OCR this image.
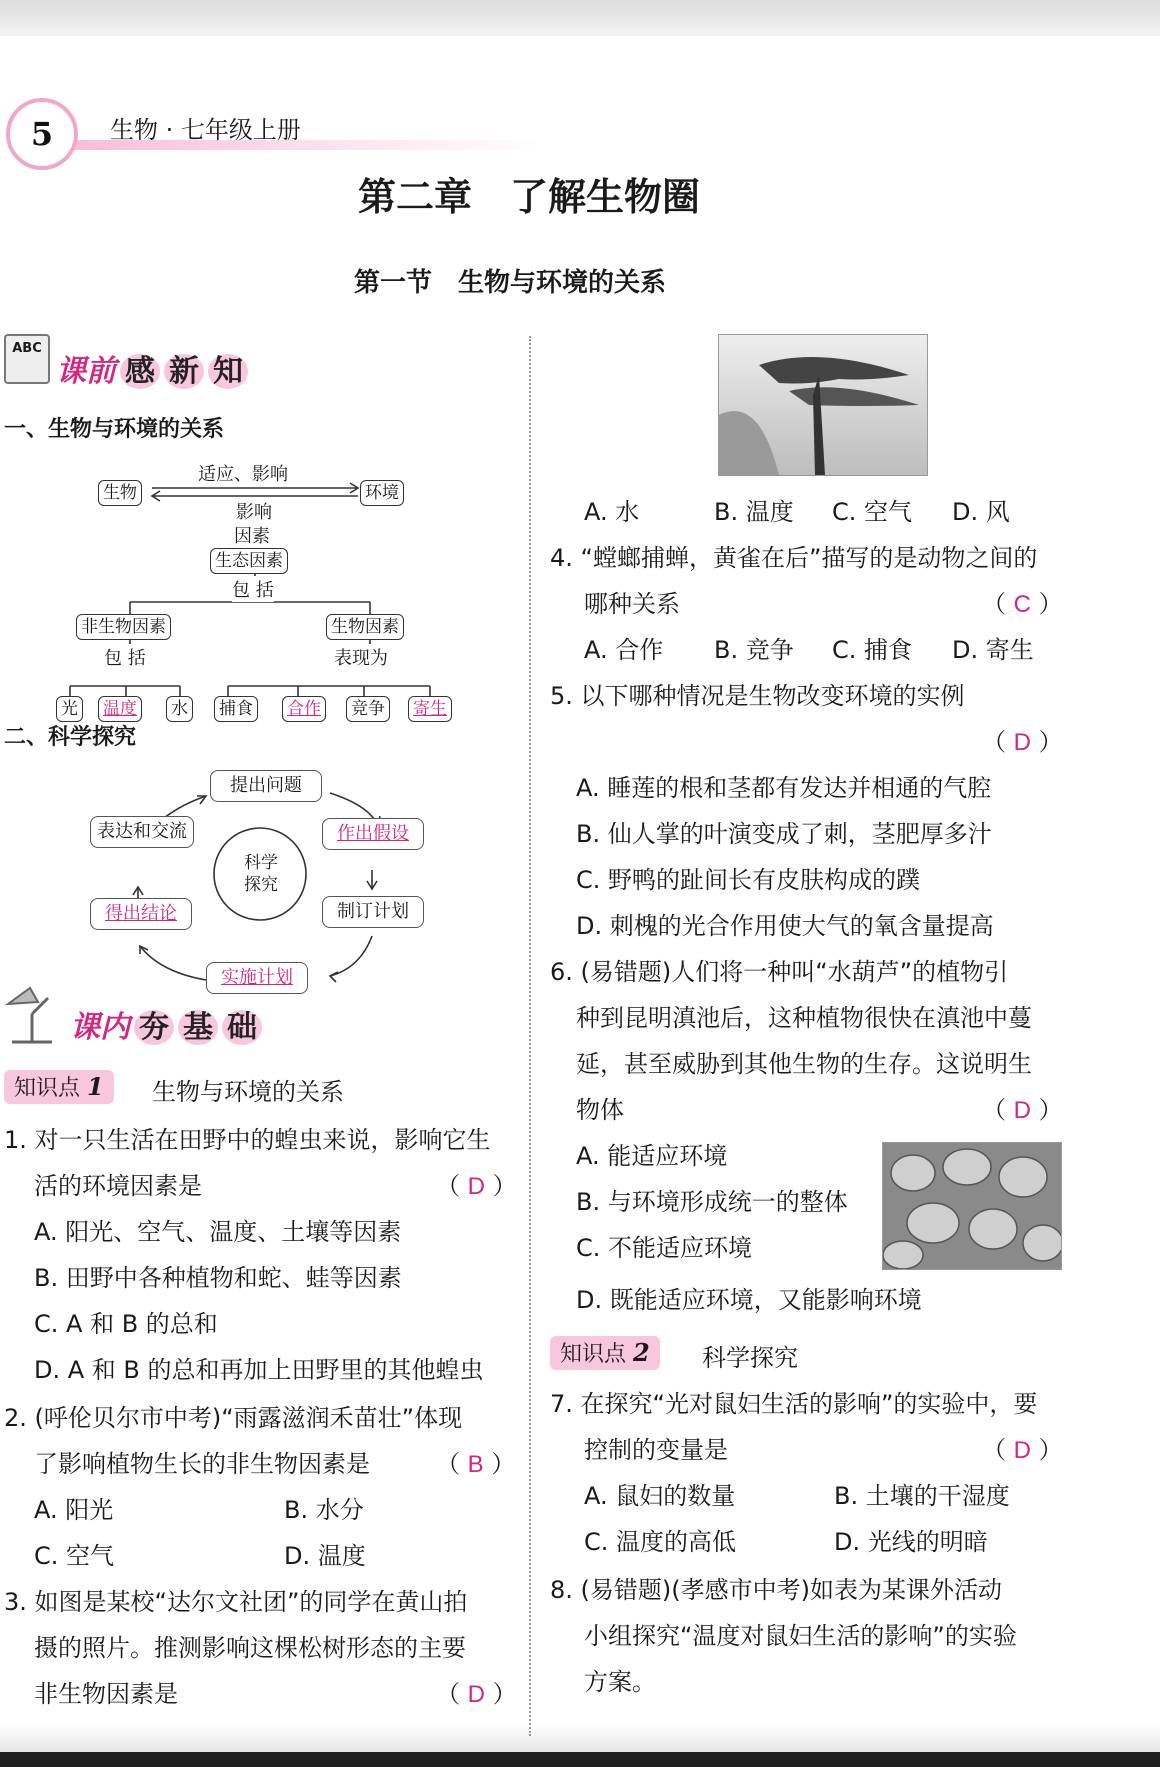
5	生物 · 七年级上册
第二章　了解生物圈
第一节　生物与环境的关系
ABC
课前 感 新 知
一、生物与环境的关系
生物	环境
适应、影响
影响
因素
生态因素
包 括
非生物因素	生物因素
包 括	表现为
光 温度 水 捕食 合作 竞争 寄生
二、科学探究
科学
探究
提出问题
作出假设
制订计划
实施计划
得出结论
表达和交流
课内 夯 基 础
知识点 1	生物与环境的关系
1. 对一只生活在田野中的蝗虫来说，影响它生
活的环境因素是	（ D ）
A. 阳光、空气、温度、土壤等因素
B. 田野中各种植物和蛇、蛙等因素
C. A 和 B 的总和
D. A 和 B 的总和再加上田野里的其他蝗虫
2. (呼伦贝尔市中考)“雨露滋润禾苗壮”体现
了影响植物生长的非生物因素是	（ B ）
A. 阳光	B. 水分
C. 空气	D. 温度
3. 如图是某校“达尔文社团”的同学在黄山拍
摄的照片。推测影响这棵松树形态的主要
非生物因素是	（ D ）
A. 水	B. 温度 C. 空气 D. 风
4. “螳螂捕蝉，黄雀在后”描写的是动物之间的
哪种关系	（ C ）
A. 合作 B. 竞争 C. 捕食 D. 寄生
5. 以下哪种情况是生物改变环境的实例
（ D ）
A. 睡莲的根和茎都有发达并相通的气腔
B. 仙人掌的叶演变成了刺，茎肥厚多汁
C. 野鸭的趾间长有皮肤构成的蹼
D. 刺槐的光合作用使大气的氧含量提高
6. (易错题)人们将一种叫“水葫芦”的植物引
种到昆明滇池后，这种植物很快在滇池中蔓
延，甚至威胁到其他生物的生存。这说明生
物体	（ D ）
A. 能适应环境
B. 与环境形成统一的整体
C. 不能适应环境
D. 既能适应环境，又能影响环境
知识点 2	科学探究
7. 在探究“光对鼠妇生活的影响”的实验中，要
控制的变量是	（ D ）
A. 鼠妇的数量	B. 土壤的干湿度
C. 温度的高低	D. 光线的明暗
8. (易错题)(孝感市中考)如表为某课外活动
小组探究“温度对鼠妇生活的影响”的实验
方案。
